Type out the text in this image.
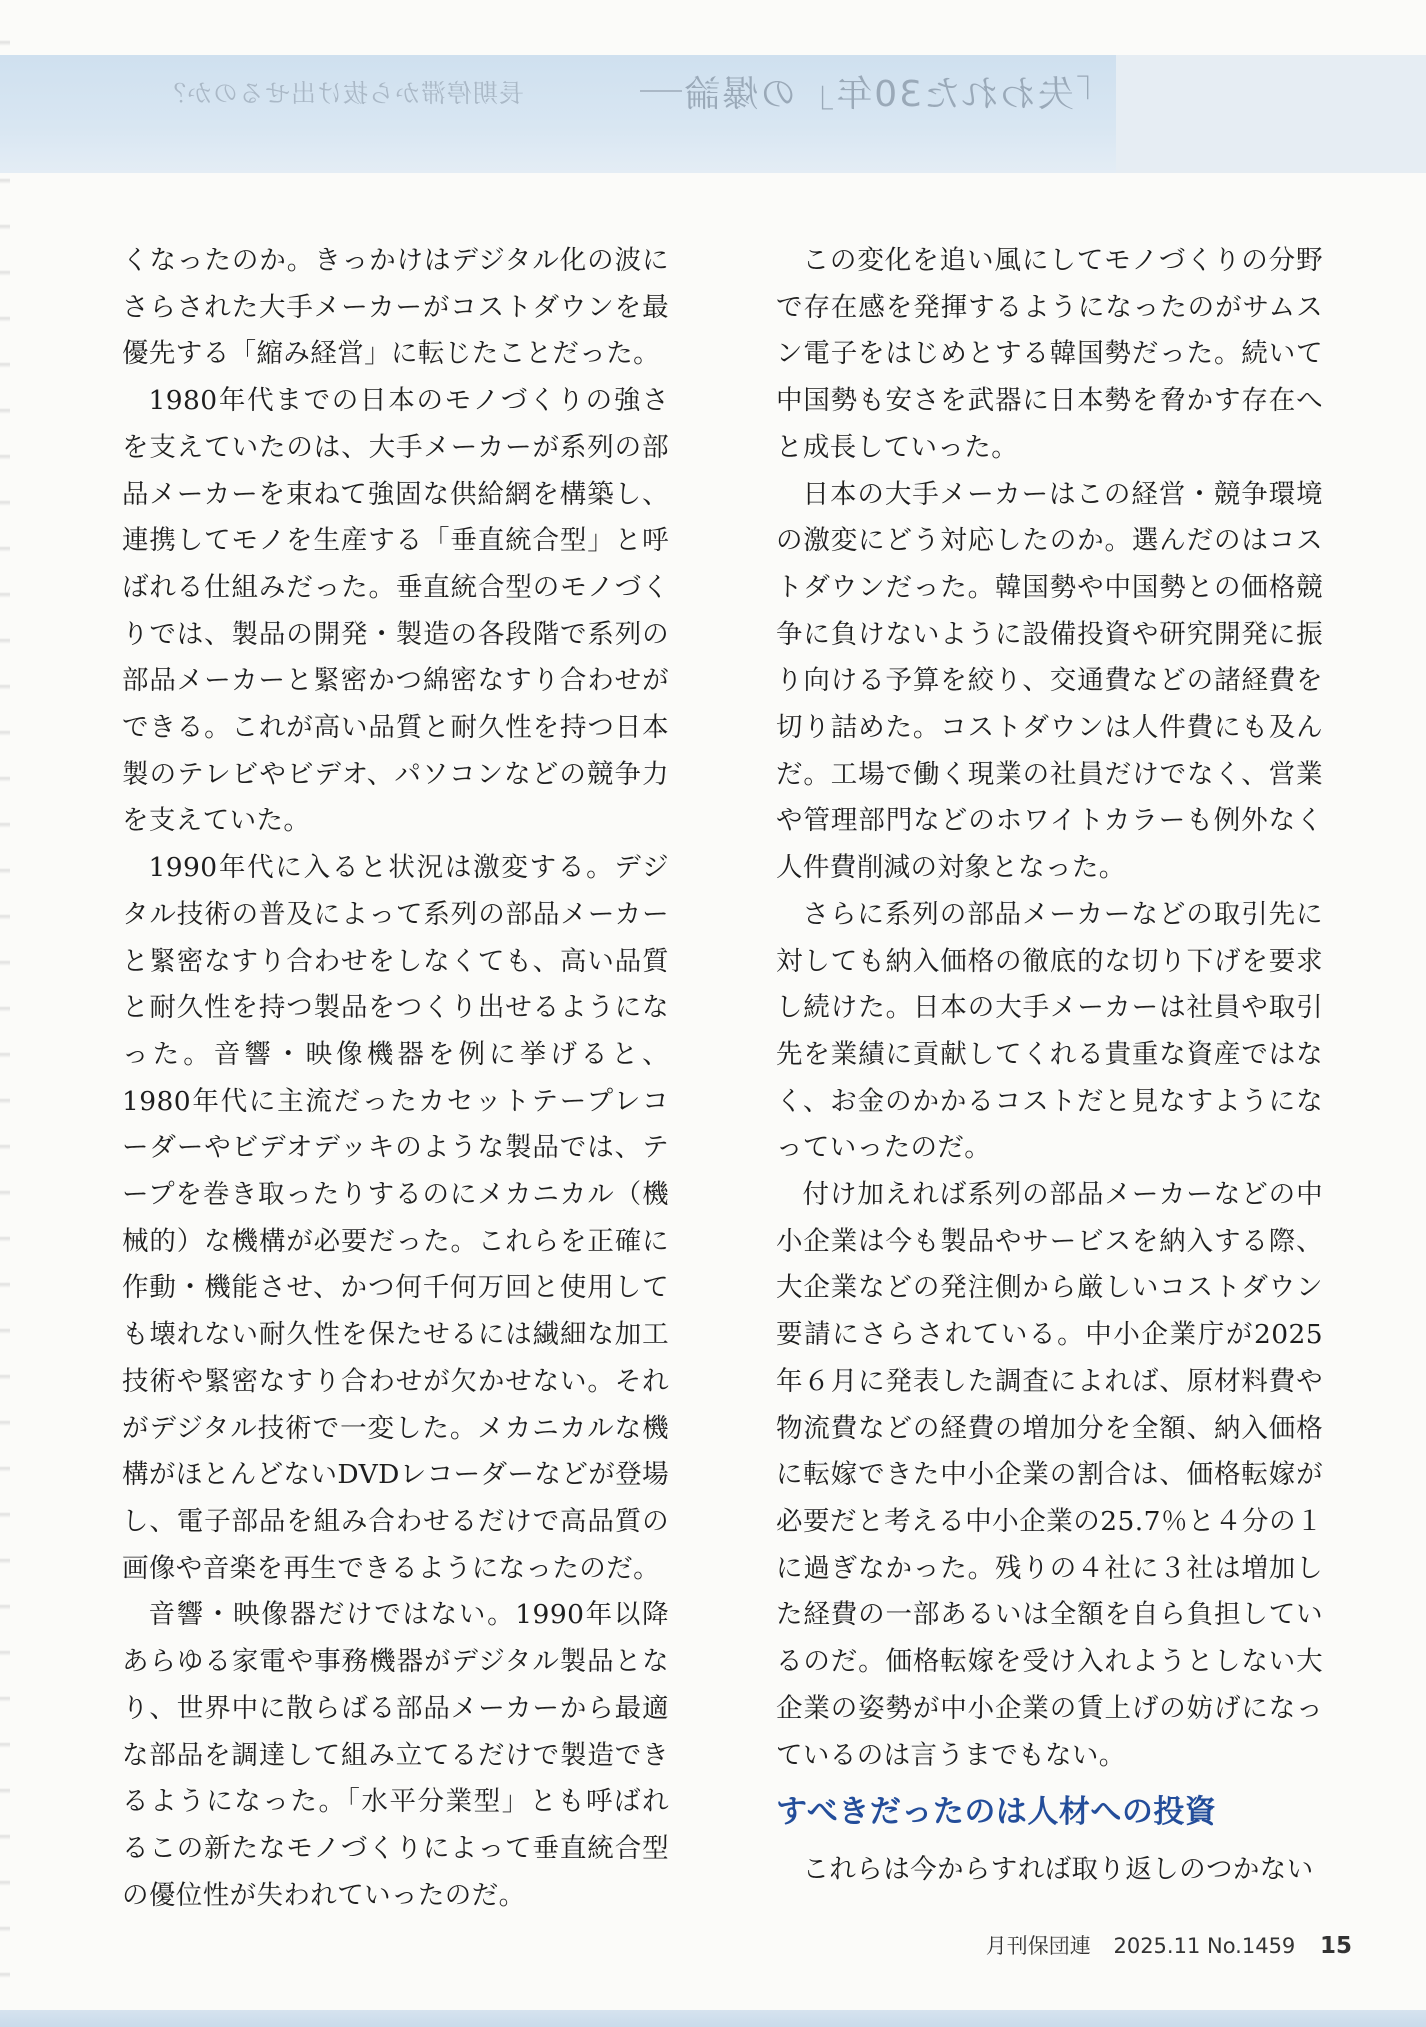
長期停滞から抜け出せるのか？	「失われた30年」の爆論

くなったのか。きっかけはデジタル化の波にさらされた大手メーカーがコストダウンを最優先する「縮み経営」に転じたことだった。

1980年代までの日本のモノづくりの強さを支えていたのは、大手メーカーが系列の部品メーカーを束ねて強固な供給網を構築し、連携してモノを生産する「垂直統合型」と呼ばれる仕組みだった。垂直統合型のモノづくりでは、製品の開発・製造の各段階で系列の部品メーカーと緊密かつ綿密なすり合わせができる。これが高い品質と耐久性を持つ日本製のテレビやビデオ、パソコンなどの競争力を支えていた。

1990年代に入ると状況は激変する。デジタル技術の普及によって系列の部品メーカーと緊密なすり合わせをしなくても、高い品質と耐久性を持つ製品をつくり出せるようになった。音響・映像機器を例に挙げると、1980年代に主流だったカセットテープレコーダーやビデオデッキのような製品では、テープを巻き取ったりするのにメカニカル（機械的）な機構が必要だった。これらを正確に作動・機能させ、かつ何千何万回と使用しても壊れない耐久性を保たせるには繊細な加工技術や緊密なすり合わせが欠かせない。それがデジタル技術で一変した。メカニカルな機構がほとんどないDVDレコーダーなどが登場し、電子部品を組み合わせるだけで高品質の画像や音楽を再生できるようになったのだ。

音響・映像器だけではない。1990年以降あらゆる家電や事務機器がデジタル製品となり、世界中に散らばる部品メーカーから最適な部品を調達して組み立てるだけで製造できるようになった。「水平分業型」とも呼ばれるこの新たなモノづくりによって垂直統合型の優位性が失われていったのだ。

この変化を追い風にしてモノづくりの分野で存在感を発揮するようになったのがサムスン電子をはじめとする韓国勢だった。続いて中国勢も安さを武器に日本勢を脅かす存在へと成長していった。

日本の大手メーカーはこの経営・競争環境の激変にどう対応したのか。選んだのはコストダウンだった。韓国勢や中国勢との価格競争に負けないように設備投資や研究開発に振り向ける予算を絞り、交通費などの諸経費を切り詰めた。コストダウンは人件費にも及んだ。工場で働く現業の社員だけでなく、営業や管理部門などのホワイトカラーも例外なく人件費削減の対象となった。

さらに系列の部品メーカーなどの取引先に対しても納入価格の徹底的な切り下げを要求し続けた。日本の大手メーカーは社員や取引先を業績に貢献してくれる貴重な資産ではなく、お金のかかるコストだと見なすようになっていったのだ。

付け加えれば系列の部品メーカーなどの中小企業は今も製品やサービスを納入する際、大企業などの発注側から厳しいコストダウン要請にさらされている。中小企業庁が2025年６月に発表した調査によれば、原材料費や物流費などの経費の増加分を全額、納入価格に転嫁できた中小企業の割合は、価格転嫁が必要だと考える中小企業の25.7％と４分の１に過ぎなかった。残りの４社に３社は増加した経費の一部あるいは全額を自ら負担しているのだ。価格転嫁を受け入れようとしない大企業の姿勢が中小企業の賃上げの妨げになっているのは言うまでもない。

すべきだったのは人材への投資

これらは今からすれば取り返しのつかない

月刊保団連 2025.11 No.1459 15
